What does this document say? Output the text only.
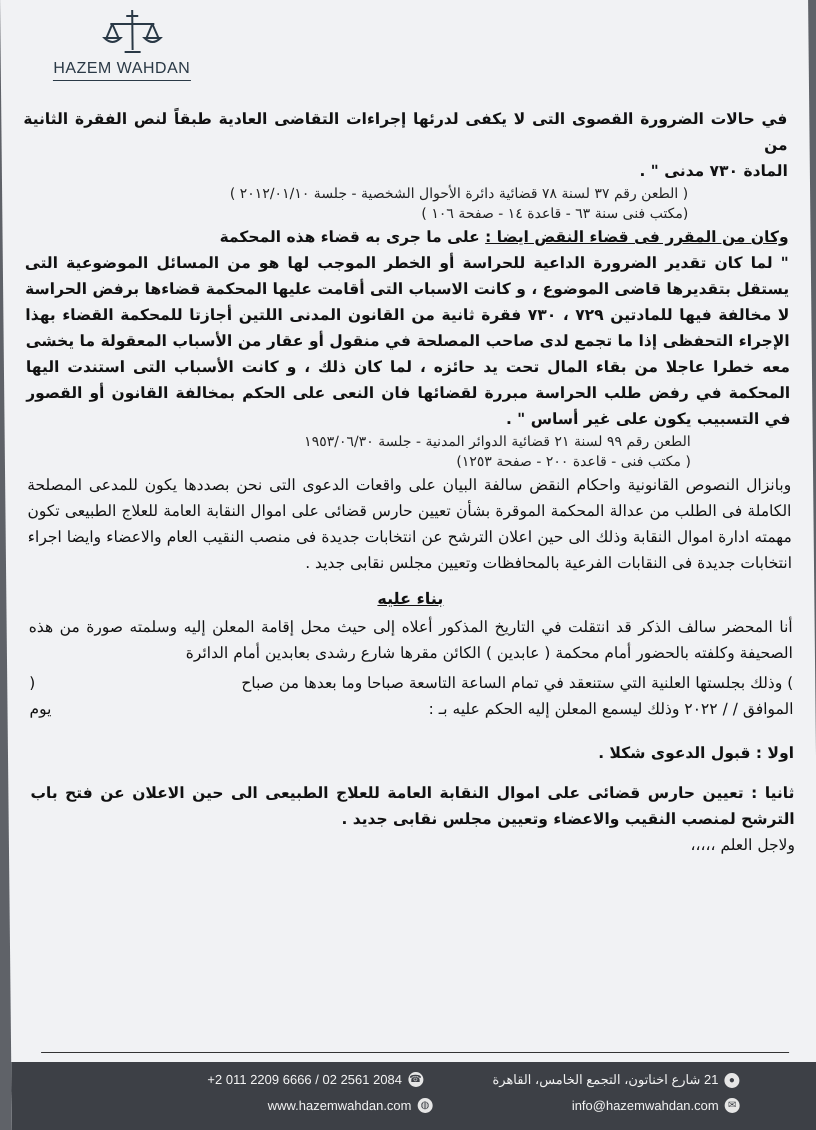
HAZEM WAHDAN

في حالات الضرورة القصوى التى لا يكفى لدرئها إجراءات التقاضى العادية طبقاً لنص الفقرة الثانية من
المادة ٧٣٠ مدنى " .

( الطعن رقم ٣٧ لسنة ٧٨ قضائية دائرة الأحوال الشخصية - جلسة ٢٠١٢/٠١/١٠ )
(مكتب فنى سنة ٦٣ - قاعدة ١٤ - صفحة ١٠٦ )

وكان من المقرر فى قضاء النقض ايضا : على ما جرى به قضاء هذه المحكمة
" لما كان تقدير الضرورة الداعية للحراسة أو الخطر الموجب لها هو من المسائل الموضوعية التى يستقل بتقديرها قاضى الموضوع ، و كانت الاسباب التى أقامت عليها المحكمة قضاءها برفض الحراسة لا مخالفة فيها للمادتين ٧٢٩ ، ٧٣٠ فقرة ثانية من القانون المدنى اللتين أجازتا للمحكمة القضاء بهذا الإجراء التحفظى إذا ما تجمع لدى صاحب المصلحة في منقول أو عقار من الأسباب المعقولة ما يخشى معه خطرا عاجلا من بقاء المال تحت يد حائزه ، لما كان ذلك ، و كانت الأسباب التى استندت اليها المحكمة في رفض طلب الحراسة مبررة لقضائها فان النعى على الحكم بمخالفة القانون أو القصور في التسبيب يكون على غير أساس " .

الطعن رقم ٩٩ لسنة ٢١ قضائية الدوائر المدنية - جلسة ١٩٥٣/٠٦/٣٠
( مكتب فنى - قاعدة ٢٠٠ - صفحة ١٢٥٣)

وبانزال النصوص القانونية واحكام النقض سالفة البيان على واقعات الدعوى التى نحن بصددها يكون للمدعى المصلحة الكاملة فى الطلب من عدالة المحكمة الموقرة بشأن تعيين حارس قضائى على اموال النقابة العامة للعلاج الطبيعى تكون مهمته ادارة اموال النقابة وذلك الى حين اعلان الترشح عن انتخابات جديدة فى منصب النقيب العام والاعضاء وايضا اجراء انتخابات جديدة فى النقابات الفرعية بالمحافظات وتعيين مجلس نقابى جديد .

بناء عليه

أنا المحضر سالف الذكر قد انتقلت في التاريخ المذكور أعلاه إلى حيث محل إقامة المعلن إليه وسلمته صورة من هذه الصحيفة وكلفته بالحضور أمام محكمة ( عابدين ) الكائن مقرها شارع رشدى بعابدين أمام الدائرة

) وذلك بجلستها العلنية التي ستنعقد في تمام الساعة التاسعة صباحا وما بعدها من صباح
(
الموافق / / ٢٠٢٢ وذلك ليسمع المعلن إليه الحكم عليه بـ :
يوم

اولا : قبول الدعوى شكلا .

ثانيا : تعيين حارس قضائى على اموال النقابة العامة للعلاج الطبيعى الى حين الاعلان عن فتح باب الترشح لمنصب النقيب والاعضاء وتعيين مجلس نقابى جديد .

ولاجل العلم ،،،،،

●
21 شارع اخناتون، التجمع الخامس، القاهرة
✉
info@hazemwahdan.com
+2 011 2209 6666 / 02 2561 2084 ☎
www.hazemwahdan.com ◍
